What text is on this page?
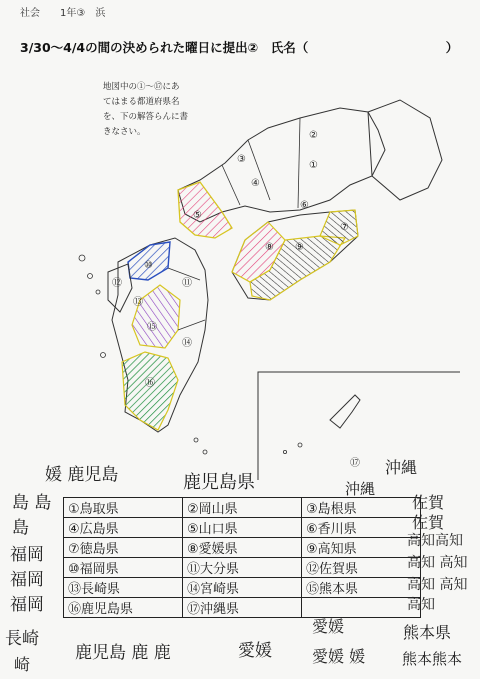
社会　　1年③　浜
3/30〜4/4の間の決められた曜日に提出②　氏名（　　　　　　　　　　　）
地図中の①〜⑰にあ
てはまる都道府県名
を、下の解答らんに書
きなさい。
①
②
③
④
⑤
⑥
⑦
⑧ ⑨
⑩
⑪
⑫
⑬
⑭
⑮
⑯
⑰
媛 鹿児島	鹿児島県
沖縄
沖縄
島 島
島
福岡
福岡
福岡
佐賀
佐賀
高知高知
高知 高知
高知 高知
高知
長崎
崎
鹿児島 鹿 鹿	愛媛
愛媛
愛媛 媛
熊本県
熊本熊本
①鳥取県	②岡山県	③島根県
④広島県	⑤山口県	⑥香川県
⑦徳島県	⑧愛媛県	⑨高知県
⑩福岡県	⑪大分県	⑫佐賀県
⑬長崎県	⑭宮崎県	⑮熊本県
⑯鹿児島県	⑰沖縄県	
